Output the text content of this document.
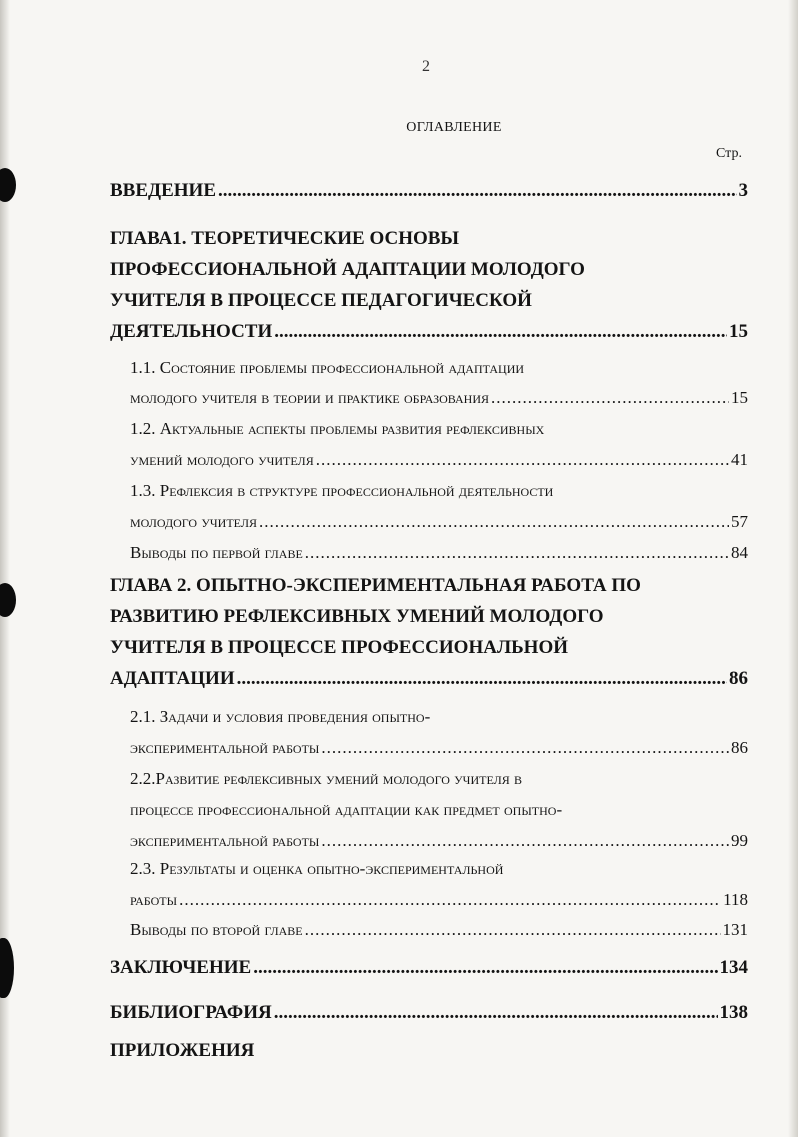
2
ОГЛАВЛЕНИЕ
Стр.
ВВЕДЕНИЕ .....	3
ГЛАВА1. ТЕОРЕТИЧЕСКИЕ ОСНОВЫ
ПРОФЕССИОНАЛЬНОЙ АДАПТАЦИИ МОЛОДОГО
УЧИТЕЛЯ В ПРОЦЕССЕ ПЕДАГОГИЧЕСКОЙ
ДЕЯТЕЛЬНОСТИ .....	15
1.1. Состояние проблемы профессиональной адаптации
молодого учителя в теории и практике образования .....	15
1.2. Актуальные аспекты проблемы развития рефлексивных
умений молодого учителя .....	41
1.3. Рефлексия в структуре профессиональной деятельности
молодого учителя .....	57
Выводы по первой главе .....	84
ГЛАВА 2. ОПЫТНО-ЭКСПЕРИМЕНТАЛЬНАЯ РАБОТА ПО
РАЗВИТИЮ РЕФЛЕКСИВНЫХ УМЕНИЙ МОЛОДОГО
УЧИТЕЛЯ В ПРОЦЕССЕ ПРОФЕССИОНАЛЬНОЙ
АДАПТАЦИИ .....	86
2.1. Задачи и условия проведения опытно-
экспериментальной работы .....	86
2.2.Развитие рефлексивных умений молодого учителя в
процессе профессиональной адаптации как предмет опытно-
экспериментальной работы .....	99
2.3. Результаты и оценка опытно-экспериментальной
работы .....	118
Выводы по второй главе .....	131
ЗАКЛЮЧЕНИЕ .....	134
БИБЛИОГРАФИЯ .....	138
ПРИЛОЖЕНИЯ
